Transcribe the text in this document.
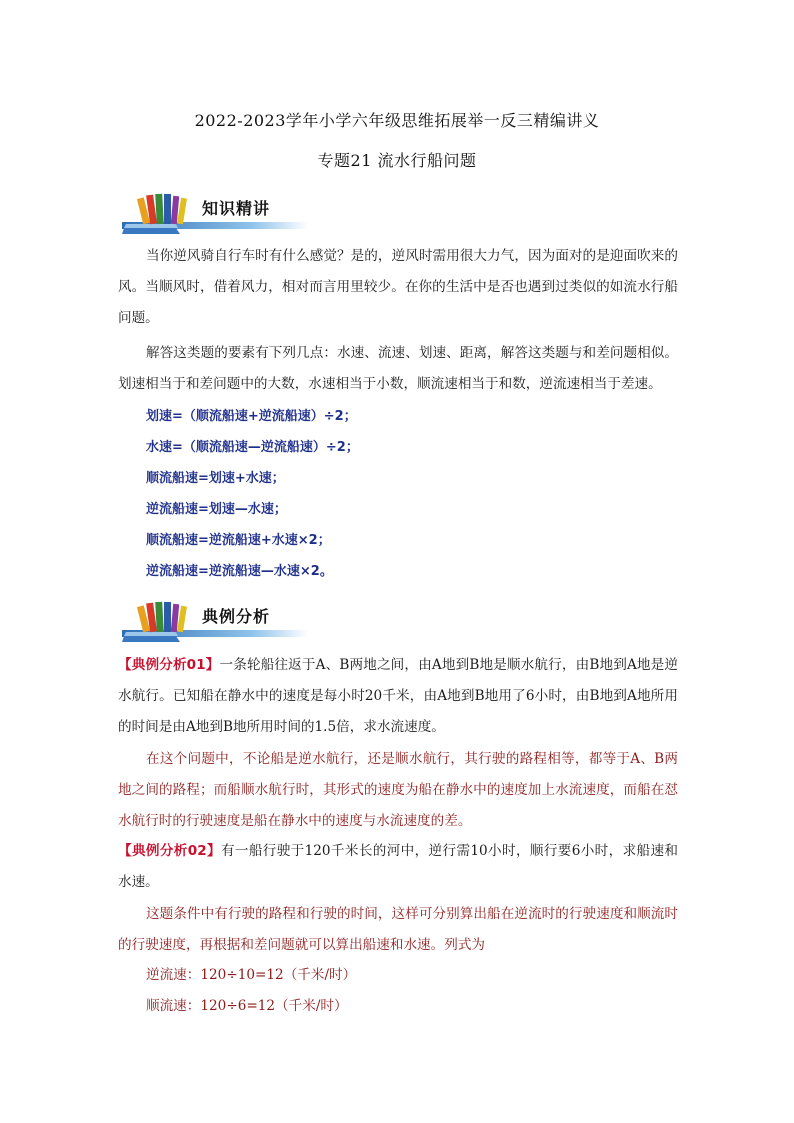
2022-2023学年小学六年级思维拓展举一反三精编讲义
专题21 流水行船问题
知识精讲

当你逆风骑自行车时有什么感觉？是的，逆风时需用很大力气，因为面对的是迎面吹来的风。当顺风时，借着风力，相对而言用里较少。在你的生活中是否也遇到过类似的如流水行船问题。

解答这类题的要素有下列几点：水速、流速、划速、距离，解答这类题与和差问题相似。划速相当于和差问题中的大数，水速相当于小数，顺流速相当于和数，逆流速相当于差速。

划速=（顺流船速+逆流船速）÷2；

水速=（顺流船速—逆流船速）÷2；

顺流船速=划速+水速；

逆流船速=划速—水速；

顺流船速=逆流船速+水速×2；

逆流船速=逆流船速—水速×2。

典例分析

【典例分析01】一条轮船往返于A、B两地之间，由A地到B地是顺水航行，由B地到A地是逆水航行。已知船在静水中的速度是每小时20千米，由A地到B地用了6小时，由B地到A地所用的时间是由A地到B地所用时间的1.5倍，求水流速度。

在这个问题中，不论船是逆水航行，还是顺水航行，其行驶的路程相等，都等于A、B两地之间的路程；而船顺水航行时，其形式的速度为船在静水中的速度加上水流速度，而船在怼水航行时的行驶速度是船在静水中的速度与水流速度的差。

【典例分析02】有一船行驶于120千米长的河中，逆行需10小时，顺行要6小时，求船速和水速。

这题条件中有行驶的路程和行驶的时间，这样可分别算出船在逆流时的行驶速度和顺流时的行驶速度，再根据和差问题就可以算出船速和水速。列式为

逆流速：120÷10=12（千米/时）

顺流速：120÷6=12（千米/时）
